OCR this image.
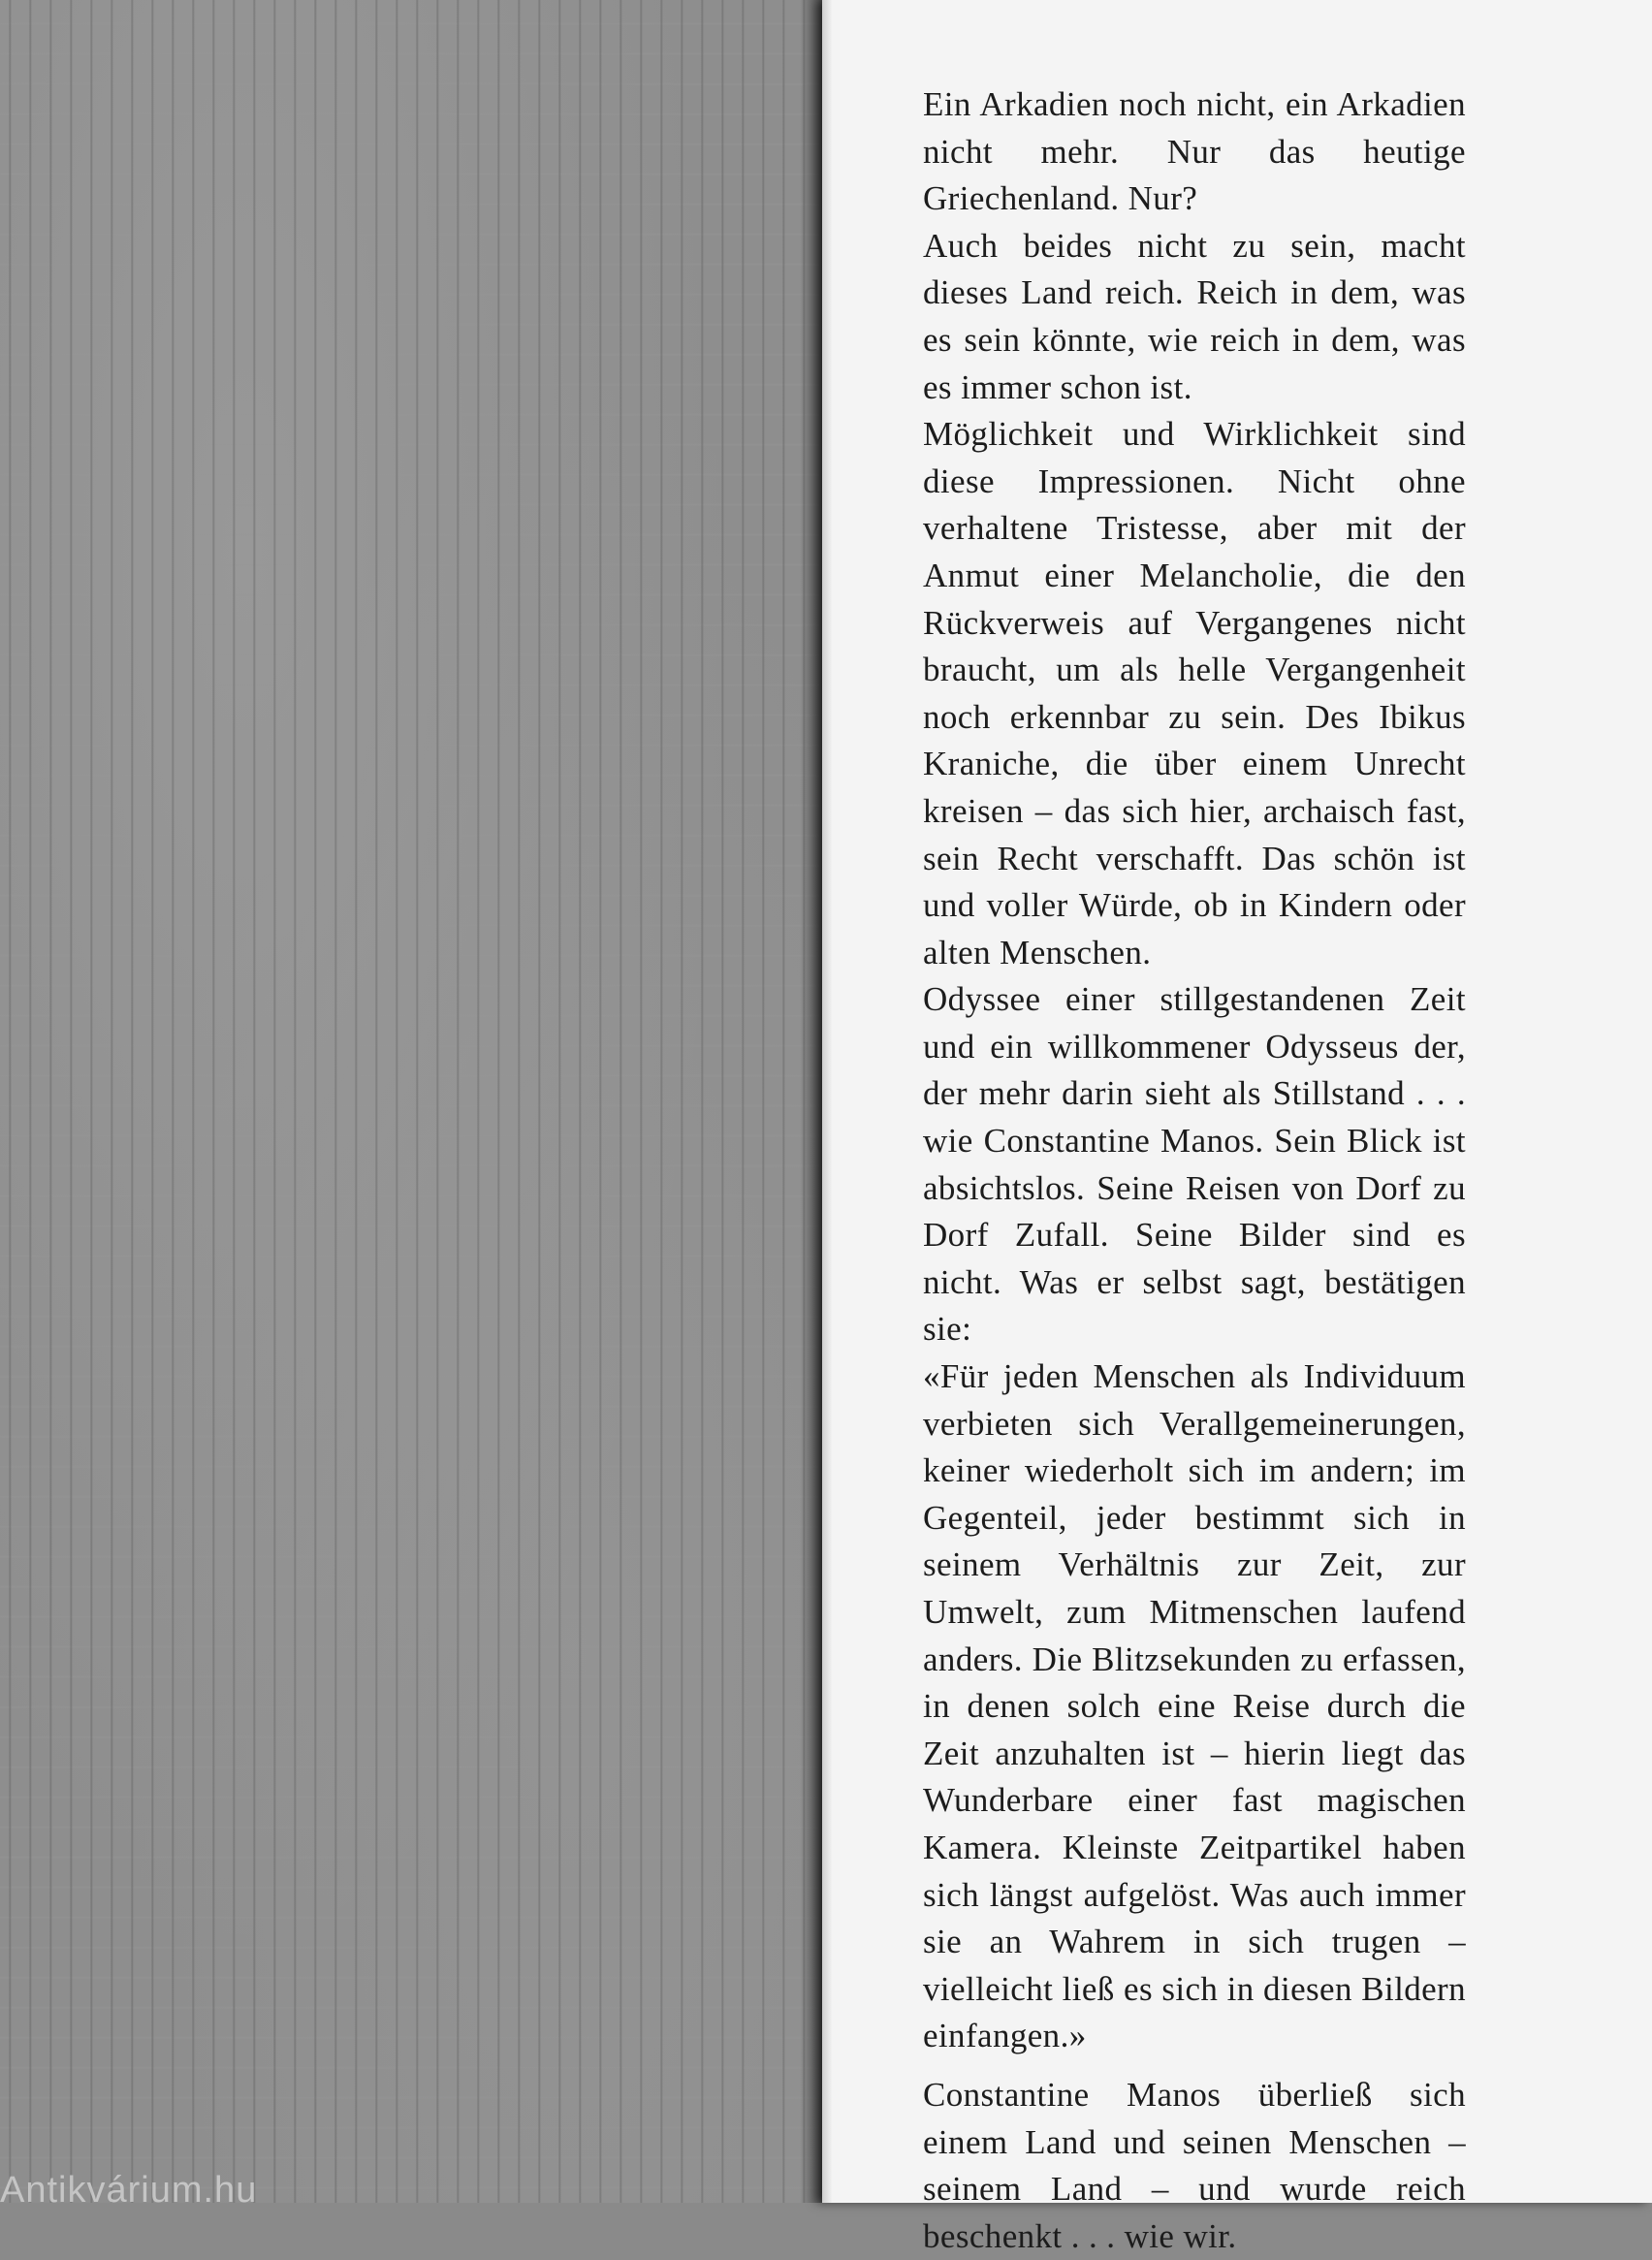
Ein Arkadien noch nicht, ein Arkadien nicht mehr. Nur das heutige Griechenland. Nur?

Auch beides nicht zu sein, macht dieses Land reich. Reich in dem, was es sein könnte, wie reich in dem, was es immer schon ist.

Möglichkeit und Wirklichkeit sind diese Impressionen. Nicht ohne verhaltene Tristesse, aber mit der Anmut einer Melancholie, die den Rückverweis auf Vergangenes nicht braucht, um als helle Vergangenheit noch erkennbar zu sein. Des Ibikus Kraniche, die über einem Unrecht kreisen – das sich hier, archaisch fast, sein Recht verschafft. Das schön ist und voller Würde, ob in Kindern oder alten Menschen.

Odyssee einer stillgestandenen Zeit und ein willkommener Odysseus der, der mehr darin sieht als Stillstand . . . wie Constantine Manos. Sein Blick ist absichtslos. Seine Reisen von Dorf zu Dorf Zufall. Seine Bilder sind es nicht. Was er selbst sagt, bestätigen sie:

«Für jeden Menschen als Individuum verbieten sich Verallgemeinerungen, keiner wiederholt sich im andern; im Gegenteil, jeder bestimmt sich in seinem Verhältnis zur Zeit, zur Umwelt, zum Mitmenschen laufend anders. Die Blitzsekunden zu erfassen, in denen solch eine Reise durch die Zeit anzuhalten ist – hierin liegt das Wunderbare einer fast magischen Kamera. Kleinste Zeitpartikel haben sich längst aufgelöst. Was auch immer sie an Wahrem in sich trugen – vielleicht ließ es sich in diesen Bildern einfangen.»

Constantine Manos überließ sich einem Land und seinen Menschen – seinem Land – und wurde reich beschenkt . . . wie wir.

Antikvárium.hu
